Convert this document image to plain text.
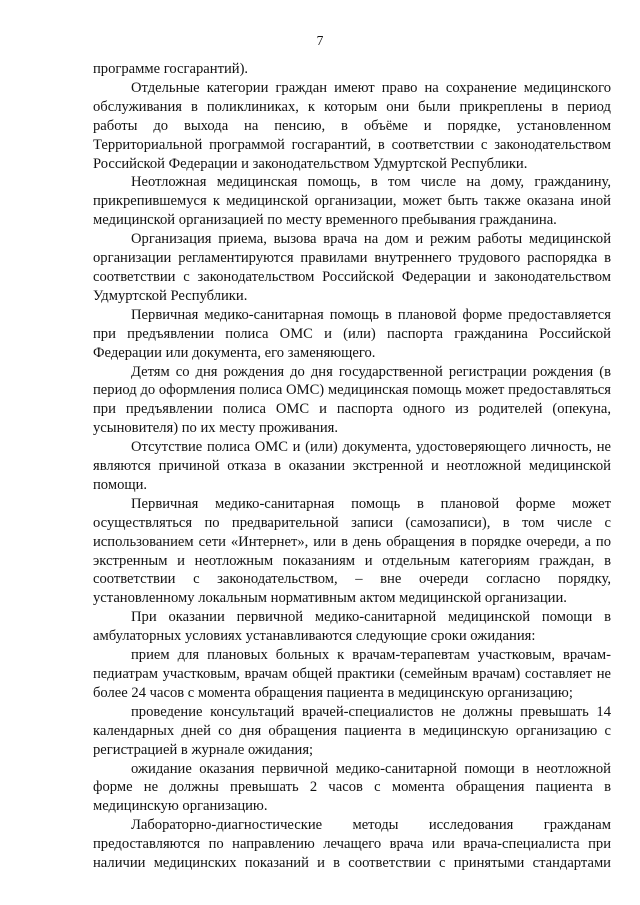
7

программе госгарантий).

Отдельные категории граждан имеют право на сохранение медицинского обслуживания в поликлиниках, к которым они были прикреплены в период работы до выхода на пенсию, в объёме и порядке, установленном Территориальной программой госгарантий, в соответствии с законодательством Российской Федерации и законодательством Удмуртской Республики.

Неотложная медицинская помощь, в том числе на дому, гражданину, прикрепившемуся к медицинской организации, может быть также оказана иной медицинской организацией по месту временного пребывания гражданина.

Организация приема, вызова врача на дом и режим работы медицинской организации регламентируются правилами внутреннего трудового распорядка в соответствии с законодательством Российской Федерации и законодательством Удмуртской Республики.

Первичная медико-санитарная помощь в плановой форме предоставляется при предъявлении полиса ОМС и (или) паспорта гражданина Российской Федерации или документа, его заменяющего.

Детям со дня рождения до дня государственной регистрации рождения (в период до оформления полиса ОМС) медицинская помощь может предоставляться при предъявлении полиса ОМС и паспорта одного из родителей (опекуна, усыновителя) по их месту проживания.

Отсутствие полиса ОМС и (или) документа, удостоверяющего личность, не являются причиной отказа в оказании экстренной и неотложной медицинской помощи.

Первичная медико-санитарная помощь в плановой форме может осуществляться по предварительной записи (самозаписи), в том числе с использованием сети «Интернет», или в день обращения в порядке очереди, а по экстренным и неотложным показаниям и отдельным категориям граждан, в соответствии с законодательством, – вне очереди согласно порядку, установленному локальным нормативным актом медицинской организации.

При оказании первичной медико-санитарной медицинской помощи в амбулаторных условиях устанавливаются следующие сроки ожидания:

прием для плановых больных к врачам-терапевтам участковым, врачам-педиатрам участковым, врачам общей практики (семейным врачам) составляет не более 24 часов с момента обращения пациента в медицинскую организацию;

проведение консультаций врачей-специалистов не должны превышать 14 календарных дней со дня обращения пациента в медицинскую организацию с регистрацией в журнале ожидания;

ожидание оказания первичной медико-санитарной помощи в неотложной форме не должны превышать 2 часов с момента обращения пациента в медицинскую организацию.

Лабораторно-диагностические методы исследования гражданам предоставляются по направлению лечащего врача или врача-специалиста при наличии медицинских показаний и в соответствии с принятыми стандартами
